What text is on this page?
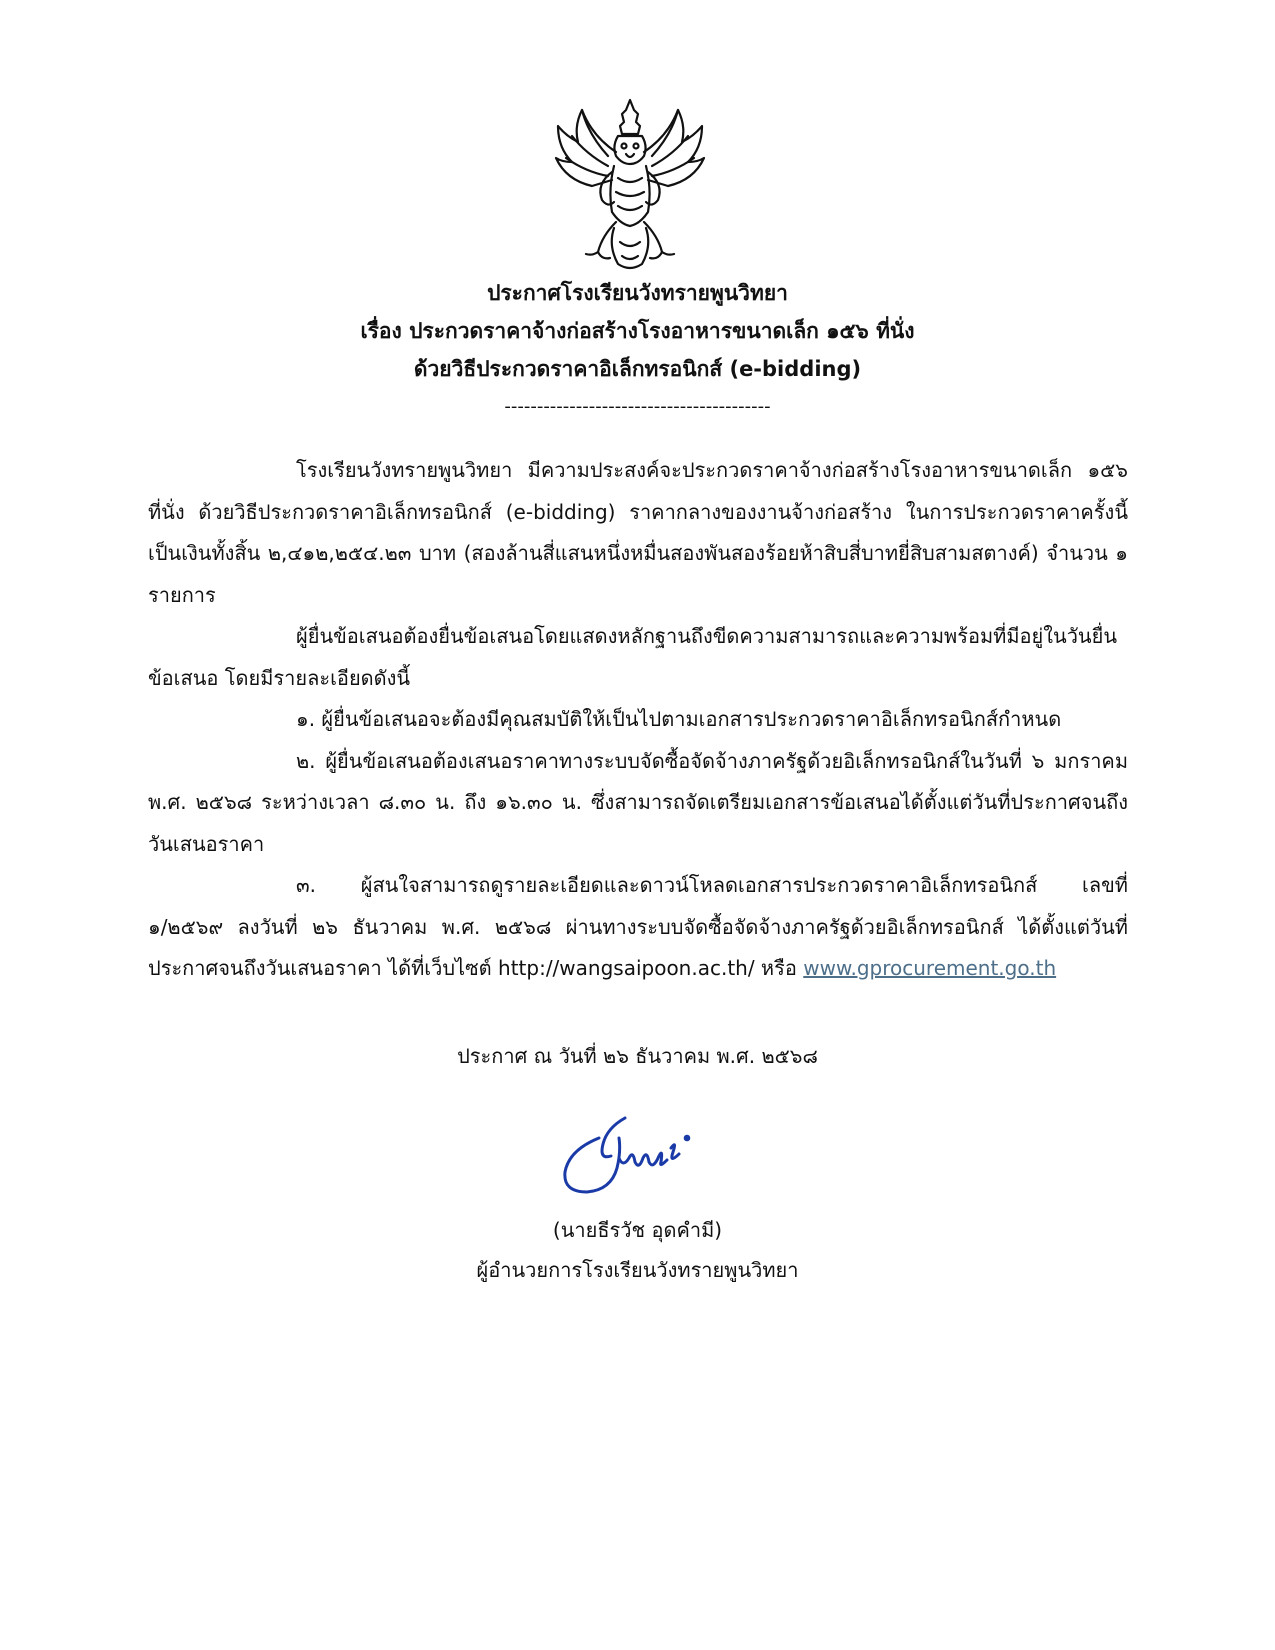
ประกาศโรงเรียนวังทรายพูนวิทยา
เรื่อง ประกวดราคาจ้างก่อสร้างโรงอาหารขนาดเล็ก ๑๕๖ ที่นั่ง
ด้วยวิธีประกวดราคาอิเล็กทรอนิกส์ (e-bidding)
-----------------------------------------

โรงเรียนวังทรายพูนวิทยา มีความประสงค์จะประกวดราคาจ้างก่อสร้างโรงอาหารขนาดเล็ก ๑๕๖ ที่นั่ง ด้วยวิธีประกวดราคาอิเล็กทรอนิกส์ (e-bidding) ราคากลางของงานจ้างก่อสร้าง ในการประกวดราคาครั้งนี้ เป็นเงินทั้งสิ้น ๒,๔๑๒,๒๕๔.๒๓ บาท (สองล้านสี่แสนหนึ่งหมื่นสองพันสองร้อยห้าสิบสี่บาทยี่สิบสามสตางค์) จำนวน ๑ รายการ

ผู้ยื่นข้อเสนอต้องยื่นข้อเสนอโดยแสดงหลักฐานถึงขีดความสามารถและความพร้อมที่มีอยู่ในวันยื่นข้อเสนอ โดยมีรายละเอียดดังนี้

๑. ผู้ยื่นข้อเสนอจะต้องมีคุณสมบัติให้เป็นไปตามเอกสารประกวดราคาอิเล็กทรอนิกส์กำหนด

๒. ผู้ยื่นข้อเสนอต้องเสนอราคาทางระบบจัดซื้อจัดจ้างภาครัฐด้วยอิเล็กทรอนิกส์ในวันที่ ๖ มกราคม พ.ศ. ๒๕๖๘ ระหว่างเวลา ๘.๓๐ น. ถึง ๑๖.๓๐ น. ซึ่งสามารถจัดเตรียมเอกสารข้อเสนอได้ตั้งแต่วันที่ประกาศจนถึงวันเสนอราคา

๓. ผู้สนใจสามารถดูรายละเอียดและดาวน์โหลดเอกสารประกวดราคาอิเล็กทรอนิกส์ เลขที่ ๑/๒๕๖๙ ลงวันที่ ๒๖ ธันวาคม พ.ศ. ๒๕๖๘ ผ่านทางระบบจัดซื้อจัดจ้างภาครัฐด้วยอิเล็กทรอนิกส์ ได้ตั้งแต่วันที่ประกาศจนถึงวันเสนอราคา ได้ที่เว็บไซต์ http://wangsaipoon.ac.th/ หรือ www.gprocurement.go.th

ประกาศ ณ วันที่ ๒๖ ธันวาคม พ.ศ. ๒๕๖๘
(นายธีรวัช อุดคำมี)
ผู้อำนวยการโรงเรียนวังทรายพูนวิทยา
